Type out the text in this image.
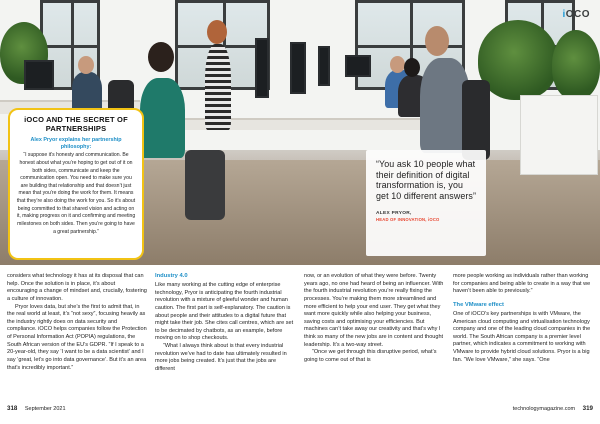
iOCO
iOCO AND THE SECRET OF PARTNERSHIPS

Alex Pryor explains her partnership philosophy:

“I suppose it’s honesty and communication. Be honest about what you’re hoping to get out of it on both sides, communicate and keep the communication open. You need to make sure you are building that relationship and that doesn’t just mean that you’re doing the work for them. It means that they’re also doing the work for you. So it’s about being committed to that shared vision and acting on it, making progress on it and confirming and meeting milestones on both sides. Then you’re going to have a great partnership.”

“You ask 10 people what their definition of digital transformation is, you get 10 different answers”

ALEX PRYOR,

HEAD OF INNOVATION, iOCO

considers what technology it has at its disposal that can help. Once the solution is in place, it’s about encouraging a change of mindset and, crucially, fostering a culture of innovation.

Pryor loves data, but she’s the first to admit that, in the real world at least, it’s “not sexy”, focusing heavily as the industry rightly does on data security and compliance. iOCO helps companies follow the Protection of Personal Information Act (POPIA) regulations, the South African version of the EU’s GDPR. “If I speak to a 20-year-old, they say ‘I want to be a data scientist’ and I say ‘great, let’s go into data governance’. But it’s an area that’s incredibly important.”

Industry 4.0

Like many working at the cutting edge of enterprise technology, Pryor is anticipating the fourth industrial revolution with a mixture of gleeful wonder and human caution. The first part is self-explanatory. The caution is about people and their attitudes to a digital future that might take their job. She cites call centres, which are set to be decimated by chatbots, as an example, before moving on to shop checkouts.

“What I always think about is that every industrial revolution we’ve had to date has ultimately resulted in more jobs being created. It’s just that the jobs are different

now, or an evolution of what they were before. Twenty years ago, no one had heard of being an influencer. With the fourth industrial revolution you’re really fixing the processes. You’re making them more streamlined and more efficient to help your end user. They get what they want more quickly while also helping your business, saving costs and optimising your efficiencies. But machines can’t take away our creativity and that’s why I think so many of the new jobs are in content and thought leadership. It’s a two-way street.

“Once we get through this disruptive period, what’s going to come out of that is

more people working as individuals rather than working for companies and being able to create in a way that we haven’t been able to previously.”

The VMware effect

One of iOCO’s key partnerships is with VMware, the American cloud computing and virtualisation technology company and one of the leading cloud companies in the world. The South African company is a premier level partner, which indicates a commitment to working with VMware to provide hybrid cloud solutions. Pryor is a big fan. “We love VMware,” she says. “One

318 September 2021	technologymagazine.com 319
